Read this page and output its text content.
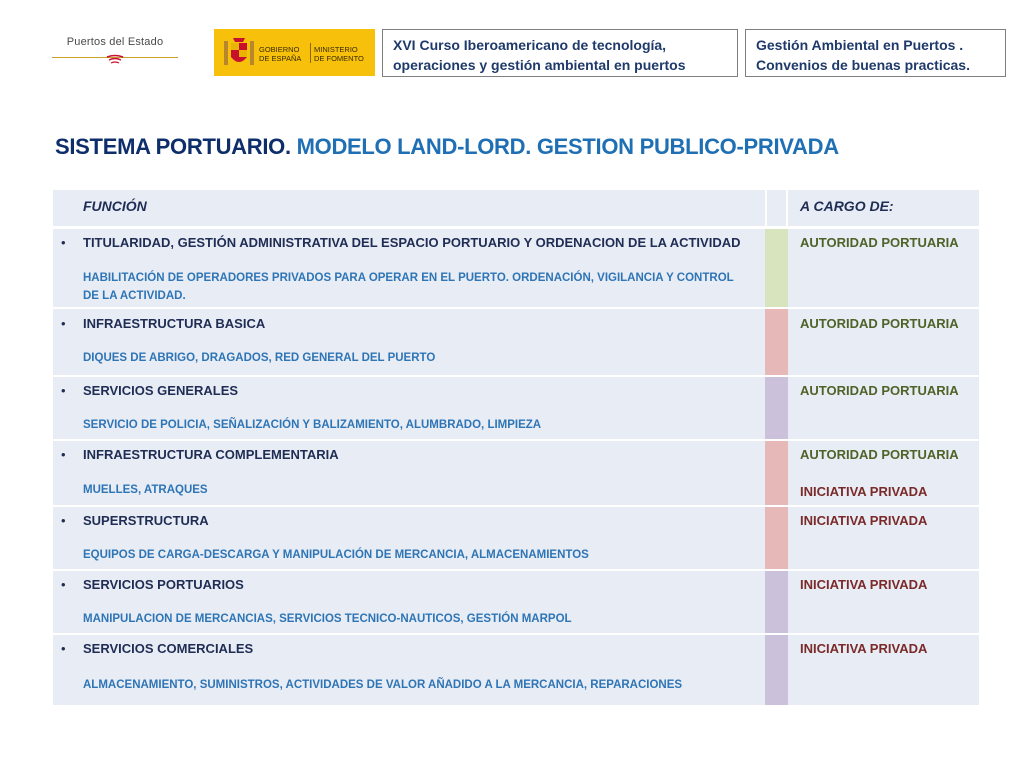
Puertos del Estado
GOBIERNO
DE ESPAÑA
MINISTERIO
DE FOMENTO
XVI Curso Iberoamericano de tecnología,
operaciones y gestión ambiental en puertos
Gestión Ambiental en Puertos .
Convenios de buenas practicas.
SISTEMA PORTUARIO. MODELO LAND-LORD. GESTION PUBLICO-PRIVADA
FUNCIÓN	A CARGO DE:
• TITULARIDAD, GESTIÓN ADMINISTRATIVA DEL ESPACIO PORTUARIO Y ORDENACION DE LA ACTIVIDAD
HABILITACIÓN DE OPERADORES PRIVADOS PARA OPERAR EN EL PUERTO. ORDENACIÓN, VIGILANCIA Y CONTROL
DE LA ACTIVIDAD.
AUTORIDAD PORTUARIA
• INFRAESTRUCTURA BASICA
DIQUES DE ABRIGO, DRAGADOS, RED GENERAL DEL PUERTO
AUTORIDAD PORTUARIA
• SERVICIOS GENERALES
SERVICIO DE POLICIA, SEÑALIZACIÓN Y BALIZAMIENTO, ALUMBRADO, LIMPIEZA
AUTORIDAD PORTUARIA
• INFRAESTRUCTURA COMPLEMENTARIA
MUELLES, ATRAQUES
AUTORIDAD PORTUARIA
INICIATIVA PRIVADA
• SUPERSTRUCTURA
EQUIPOS DE CARGA-DESCARGA Y MANIPULACIÓN DE MERCANCIA, ALMACENAMIENTOS
INICIATIVA PRIVADA
• SERVICIOS PORTUARIOS
MANIPULACION DE MERCANCIAS, SERVICIOS TECNICO-NAUTICOS, GESTIÓN MARPOL
INICIATIVA PRIVADA
• SERVICIOS COMERCIALES
ALMACENAMIENTO, SUMINISTROS, ACTIVIDADES DE VALOR AÑADIDO A LA MERCANCIA, REPARACIONES
INICIATIVA PRIVADA
